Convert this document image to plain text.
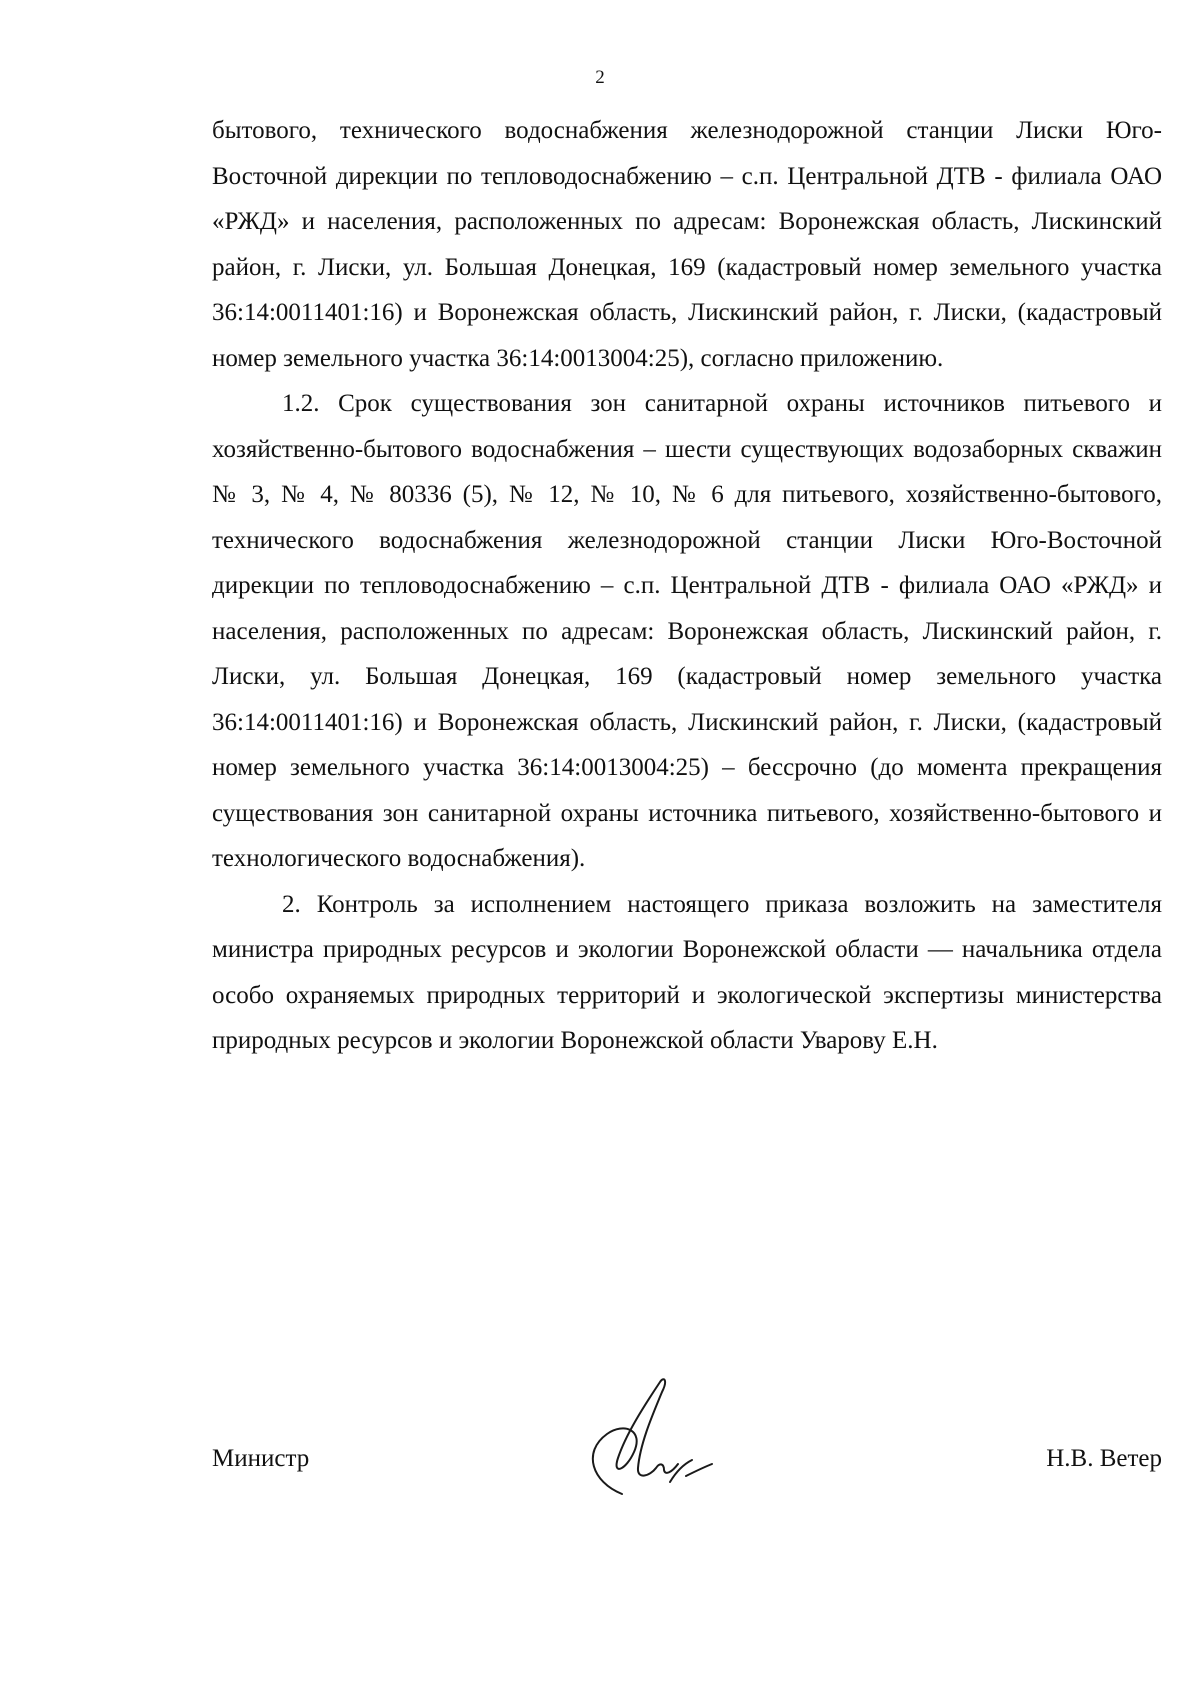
2

бытового, технического водоснабжения железнодорожной станции Лиски Юго-Восточной дирекции по тепловодоснабжению – с.п. Центральной ДТВ - филиала ОАО «РЖД» и населения, расположенных по адресам: Воронежская область, Лискинский район, г. Лиски, ул. Большая Донецкая, 169 (кадастровый номер земельного участка 36:14:0011401:16) и Воронежская область, Лискинский район, г. Лиски, (кадастровый номер земельного участка 36:14:0013004:25), согласно приложению.

1.2. Срок существования зон санитарной охраны источников питьевого и хозяйственно-бытового водоснабжения – шести существующих водозаборных скважин № 3, № 4, № 80336 (5), № 12, № 10, № 6 для питьевого, хозяйственно-бытового, технического водоснабжения железнодорожной станции Лиски Юго-Восточной дирекции по тепловодоснабжению – с.п. Центральной ДТВ - филиала ОАО «РЖД» и населения, расположенных по адресам: Воронежская область, Лискинский район, г. Лиски, ул. Большая Донецкая, 169 (кадастровый номер земельного участка 36:14:0011401:16) и Воронежская область, Лискинский район, г. Лиски, (кадастровый номер земельного участка 36:14:0013004:25) – бессрочно (до момента прекращения существования зон санитарной охраны источника питьевого, хозяйственно-бытового и технологического водоснабжения).

2. Контроль за исполнением настоящего приказа возложить на заместителя министра природных ресурсов и экологии Воронежской области — начальника отдела особо охраняемых природных территорий и экологической экспертизы министерства природных ресурсов и экологии Воронежской области Уварову Е.Н.

Министр	Н.В. Ветер
